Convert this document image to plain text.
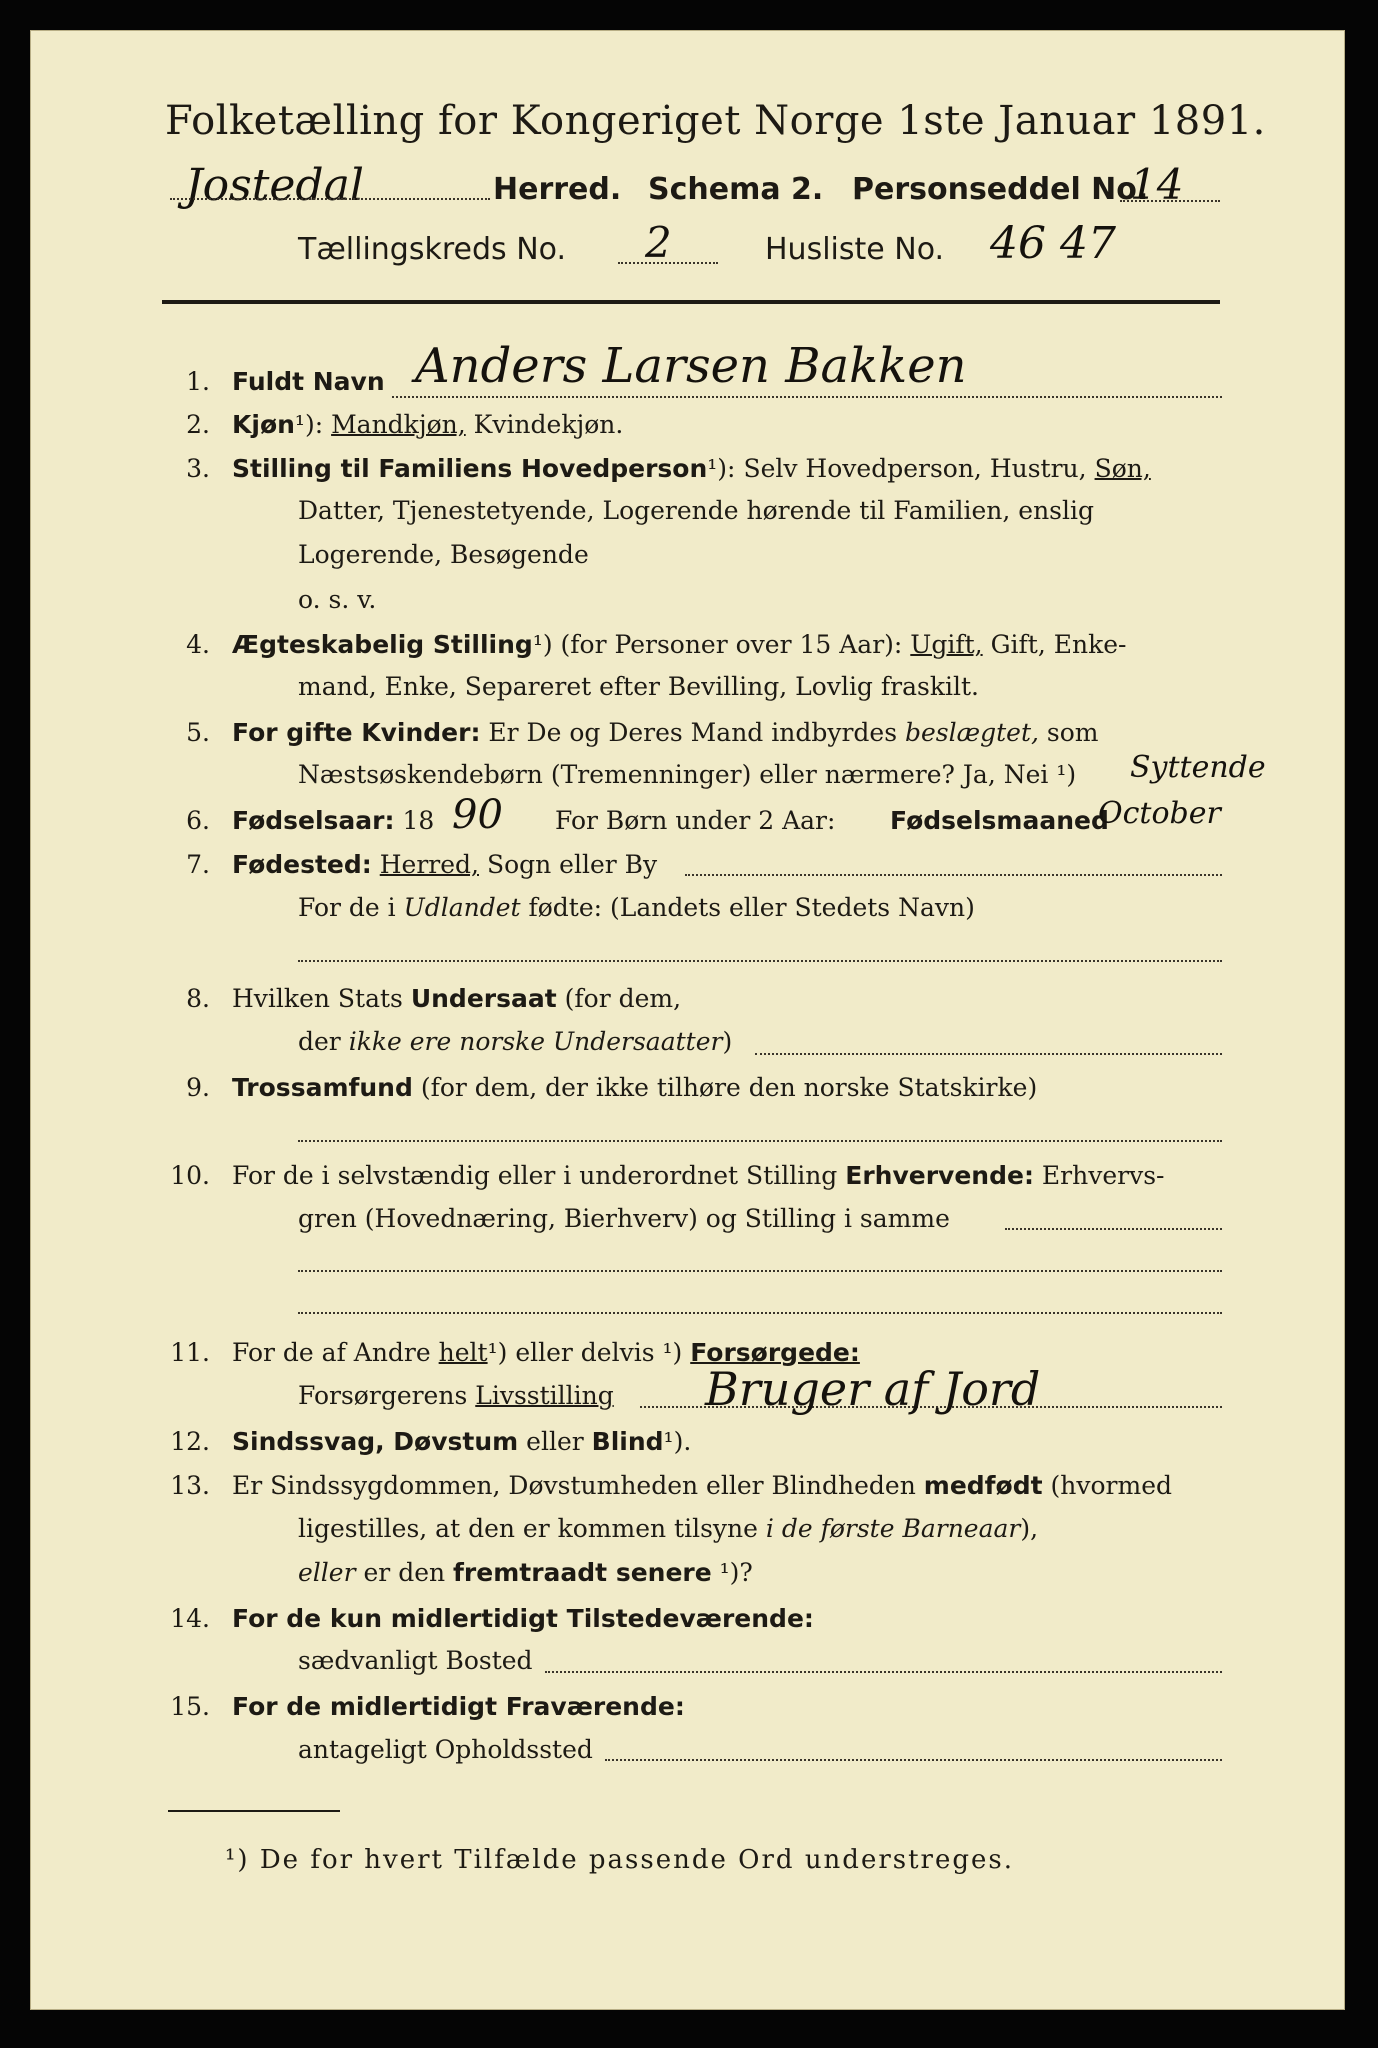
Folketælling for Kongeriget Norge 1ste Januar 1891.
Jostedal	Herred. Schema 2. Personseddel No.
14
Tællingskreds No. 2	Husliste No. 46 47
1. Fuldt Navn Anders Larsen Bakken
2. Kjøn¹): Mandkjøn, Kvindekjøn.
3. Stilling til Familiens Hovedperson¹): Selv Hovedperson, Hustru, Søn,
Datter, Tjenestetyende, Logerende hørende til Familien, enslig
Logerende, Besøgende
o. s. v.
4. Ægteskabelig Stilling¹) (for Personer over 15 Aar): Ugift, Gift, Enke-
mand, Enke, Separeret efter Bevilling, Lovlig fraskilt.
5. For gifte Kvinder: Er De og Deres Mand indbyrdes beslægtet, som
Næstsøskendebørn (Tremenninger) eller nærmere? Ja, Nei ¹) Syttende
6. Fødselsaar: 18 90 For Børn under 2 Aar: Fødselsmaaned
October
7. Fødested: Herred, Sogn eller By
For de i Udlandet fødte: (Landets eller Stedets Navn)
8. Hvilken Stats Undersaat (for dem,
der ikke ere norske Undersaatter)
9. Trossamfund (for dem, der ikke tilhøre den norske Statskirke)
10. For de i selvstændig eller i underordnet Stilling Erhvervende: Erhvervs-
gren (Hovednæring, Bierhverv) og Stilling i samme
11. For de af Andre helt¹) eller delvis ¹) Forsørgede:
Forsørgerens Livsstilling Bruger af Jord
12. Sindssvag, Døvstum eller Blind¹).
13. Er Sindssygdommen, Døvstumheden eller Blindheden medfødt (hvormed
ligestilles, at den er kommen tilsyne i de første Barneaar),
eller er den fremtraadt senere ¹)?
14. For de kun midlertidigt Tilstedeværende:
sædvanligt Bosted
15. For de midlertidigt Fraværende:
antageligt Opholdssted
¹) De for hvert Tilfælde passende Ord understreges.
